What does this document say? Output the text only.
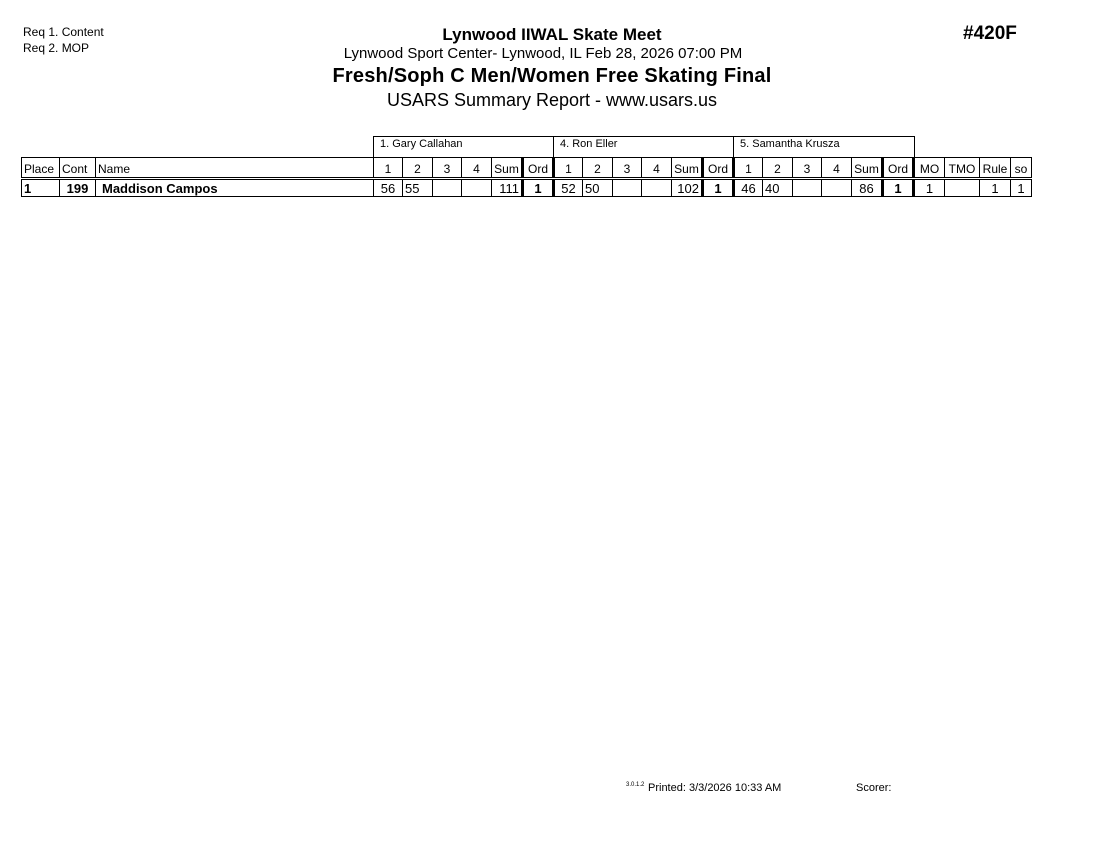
Req 1. Content
Req 2. MOP
Lynwood IIWAL Skate Meet
Lynwood Sport Center- Lynwood, IL Feb 28, 2026 07:00 PM
Fresh/Soph C Men/Women Free Skating Final
USARS Summary Report - www.usars.us
#420F
1. Gary Callahan	4. Ron Eller	5. Samantha Krusza
Place	Cont	Name	1	2	3	4	Sum	Ord	1	2	3	4	Sum	Ord	1	2	3	4	Sum	Ord	MO	TMO	Rule	so
1	199	Maddison Campos	56	55			111	1	52	50			102	1	46	40			86	1	1		1	1
3.0.1.2 Printed: 3/3/2026 10:33 AM	Scorer:
